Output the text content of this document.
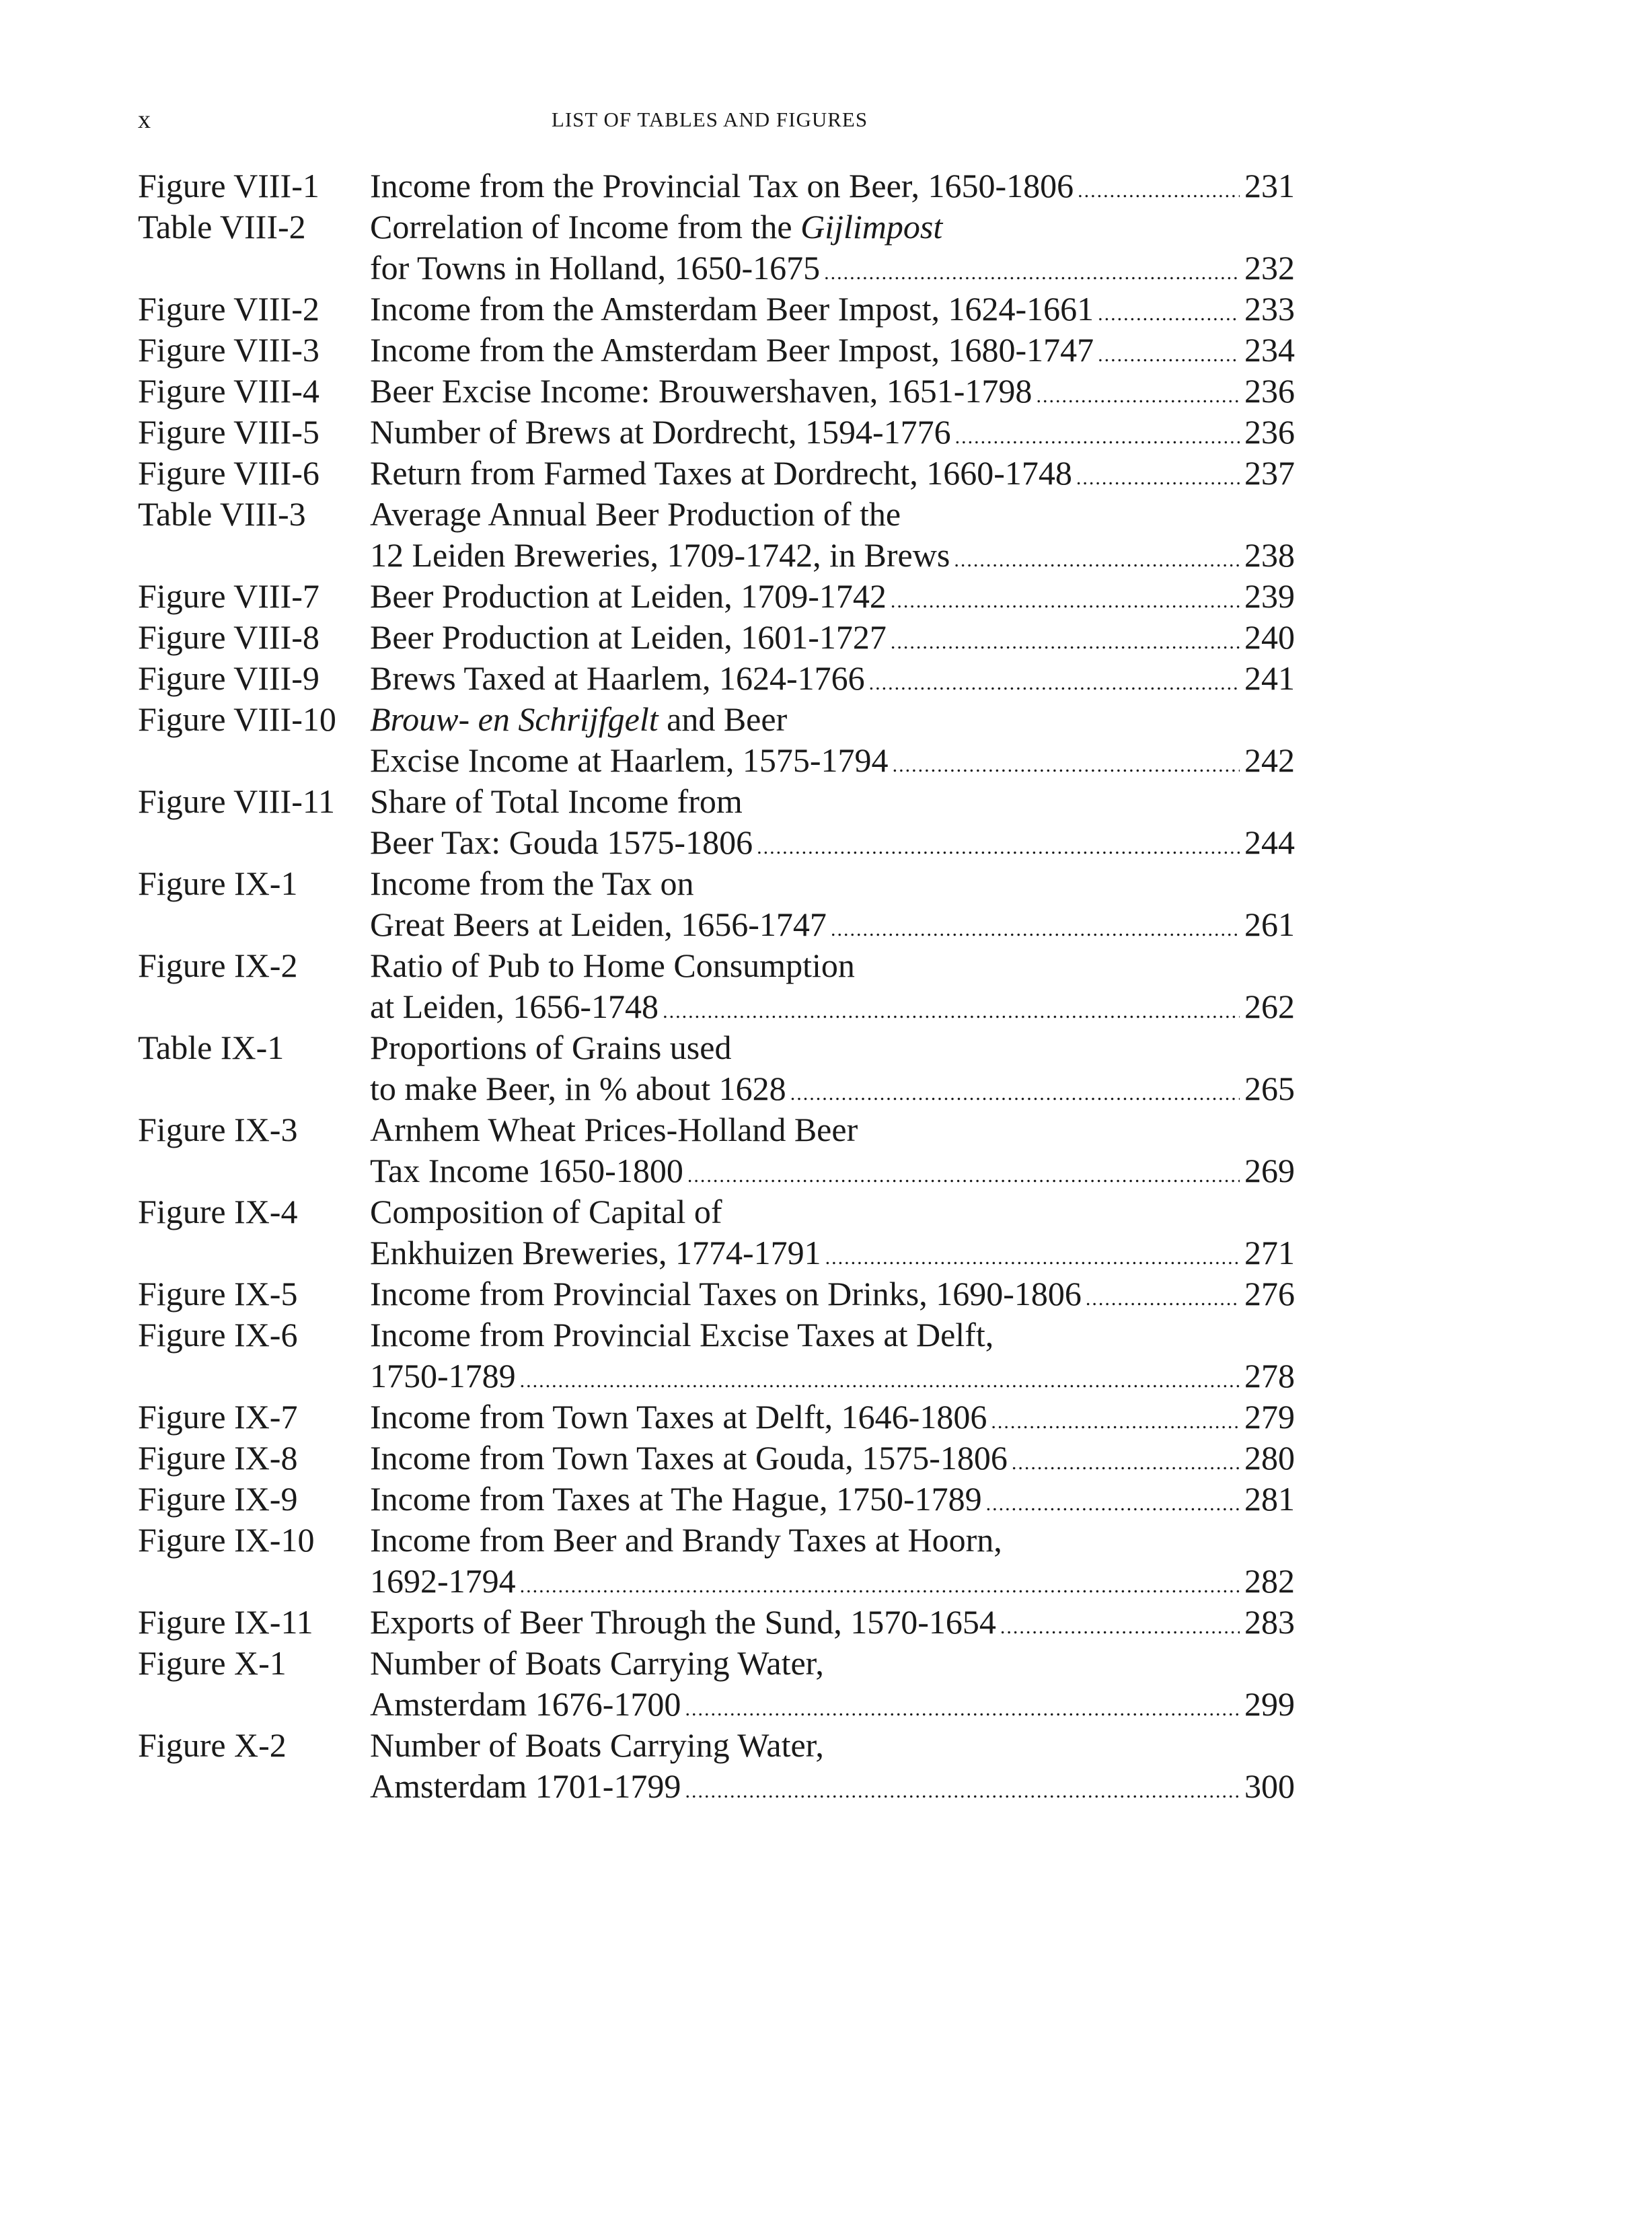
x	LIST OF TABLES AND FIGURES
Figure VIII-1	Income from the Provincial Tax on Beer, 1650-1806 .....	231
Table VIII-2	Correlation of Income from the Gijlimpost
for Towns in Holland, 1650-1675 .....	232
Figure VIII-2	Income from the Amsterdam Beer Impost, 1624-1661 .....	233
Figure VIII-3	Income from the Amsterdam Beer Impost, 1680-1747 .....	234
Figure VIII-4	Beer Excise Income: Brouwershaven, 1651-1798 .....	236
Figure VIII-5	Number of Brews at Dordrecht, 1594-1776 .....	236
Figure VIII-6	Return from Farmed Taxes at Dordrecht, 1660-1748 .....	237
Table VIII-3	Average Annual Beer Production of the
12 Leiden Breweries, 1709-1742, in Brews .....	238
Figure VIII-7	Beer Production at Leiden, 1709-1742 .....	239
Figure VIII-8	Beer Production at Leiden, 1601-1727 .....	240
Figure VIII-9	Brews Taxed at Haarlem, 1624-1766 .....	241
Figure VIII-10	Brouw- en Schrijfgelt and Beer
Excise Income at Haarlem, 1575-1794 .....	242
Figure VIII-11	Share of Total Income from
Beer Tax: Gouda 1575-1806 .....	244
Figure IX-1	Income from the Tax on
Great Beers at Leiden, 1656-1747 .....	261
Figure IX-2	Ratio of Pub to Home Consumption
at Leiden, 1656-1748 .....	262
Table IX-1	Proportions of Grains used
to make Beer, in % about 1628 .....	265
Figure IX-3	Arnhem Wheat Prices-Holland Beer
Tax Income 1650-1800 .....	269
Figure IX-4	Composition of Capital of
Enkhuizen Breweries, 1774-1791 .....	271
Figure IX-5	Income from Provincial Taxes on Drinks, 1690-1806 .....	276
Figure IX-6	Income from Provincial Excise Taxes at Delft,
1750-1789 .....	278
Figure IX-7	Income from Town Taxes at Delft, 1646-1806 .....	279
Figure IX-8	Income from Town Taxes at Gouda, 1575-1806 .....	280
Figure IX-9	Income from Taxes at The Hague, 1750-1789 .....	281
Figure IX-10	Income from Beer and Brandy Taxes at Hoorn,
1692-1794 .....	282
Figure IX-11	Exports of Beer Through the Sund, 1570-1654 .....	283
Figure X-1	Number of Boats Carrying Water,
Amsterdam 1676-1700 .....	299
Figure X-2	Number of Boats Carrying Water,
Amsterdam 1701-1799 .....	300
